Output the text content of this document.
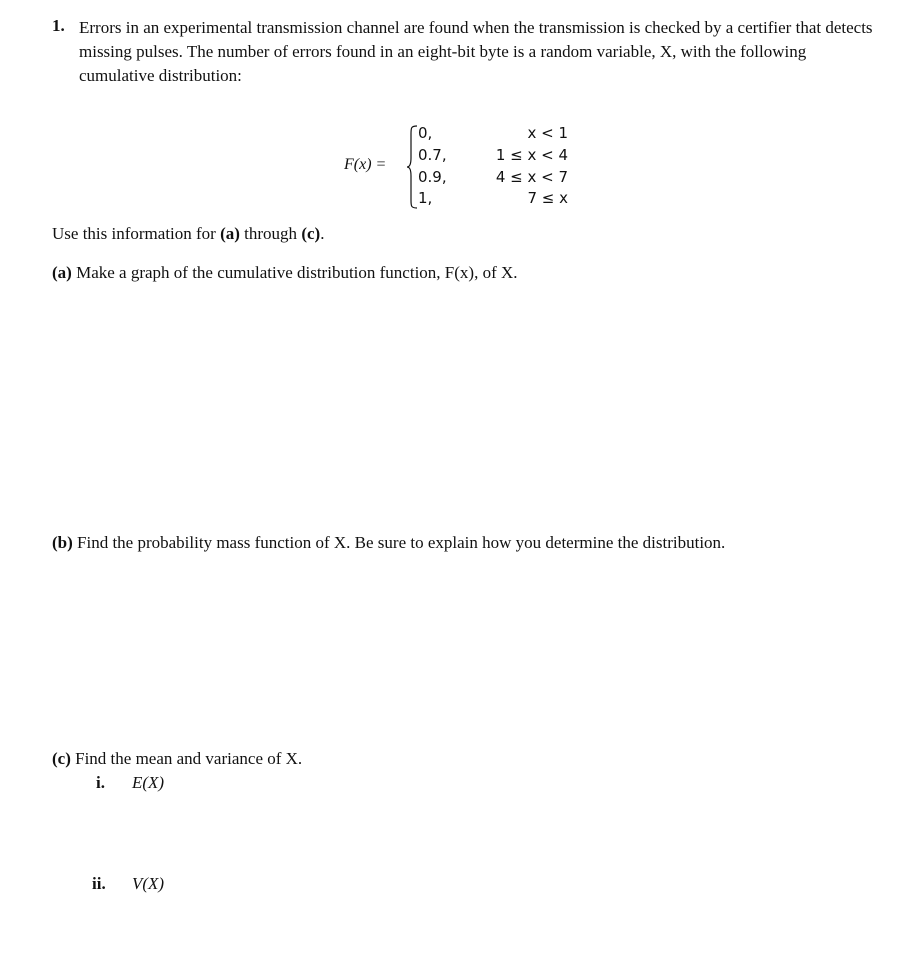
1. Errors in an experimental transmission channel are found when the transmission is checked by a certifier that detects missing pulses. The number of errors found in an eight-bit byte is a random variable, X, with the following cumulative distribution:
F(x) =
0,
0.7,
0.9,
1,
x < 1
1 ≤ x < 4
4 ≤ x < 7
7 ≤ x
Use this information for (a) through (c).
(a) Make a graph of the cumulative distribution function, F(x), of X.
(b) Find the probability mass function of X. Be sure to explain how you determine the distribution.
(c) Find the mean and variance of X.
i. E(X)
ii. V(X)
